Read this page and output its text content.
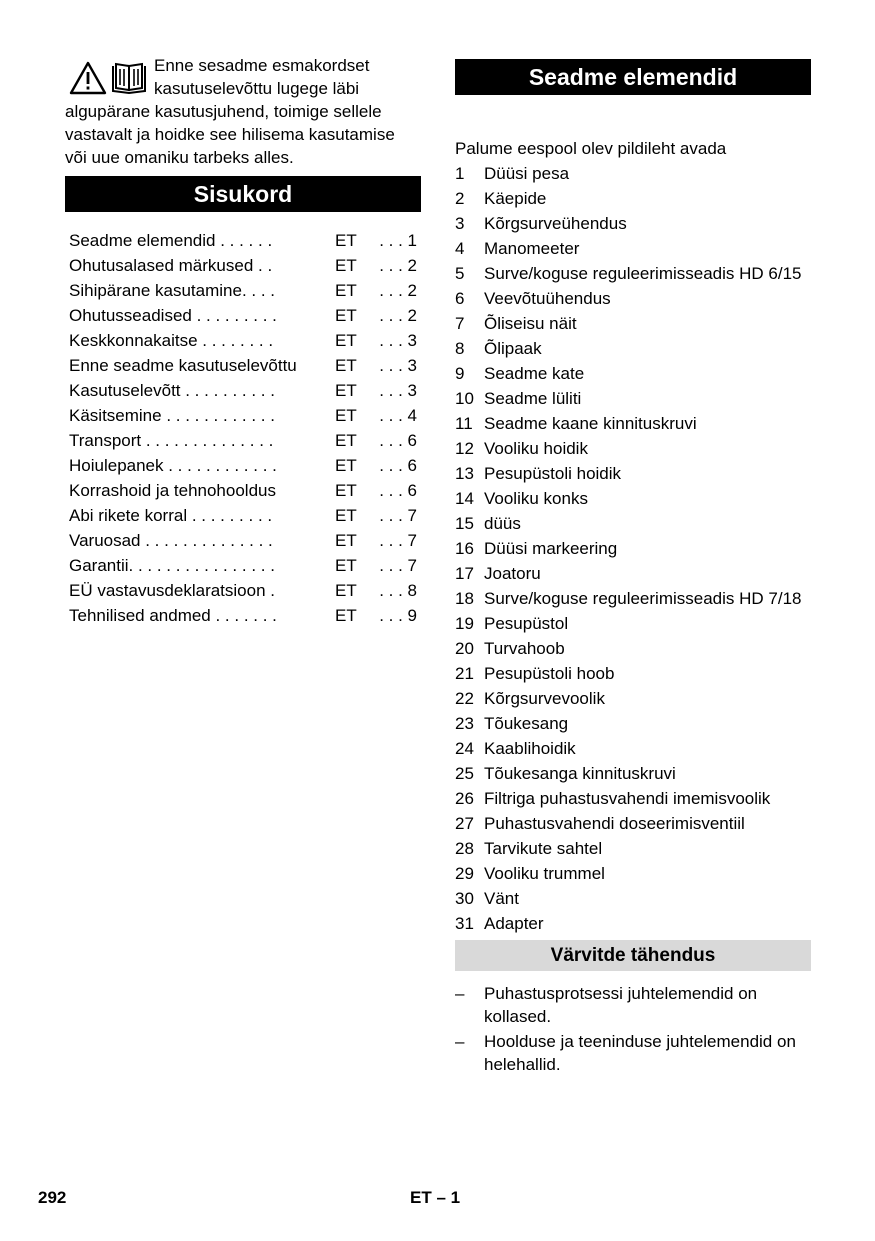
Enne sesadme esmakordset kasutuselevõttu lugege läbi algupärane kasutusjuhend, toimige sellele vastavalt ja hoidke see hilisema kasutamise või uue omaniku tarbeks alles.
Sisukord
Seadme elemendid . . . . . .	ET	. . . 1
Ohutusalased märkused . .	ET	. . . 2
Sihipärane kasutamine. . . .	ET	. . . 2
Ohutusseadised . . . . . . . . .	ET	. . . 2
Keskkonnakaitse . . . . . . . .	ET	. . . 3
Enne seadme kasutuselevõttu	ET	. . . 3
Kasutuselevõtt . . . . . . . . . .	ET	. . . 3
Käsitsemine . . . . . . . . . . . .	ET	. . . 4
Transport . . . . . . . . . . . . . .	ET	. . . 6
Hoiulepanek . . . . . . . . . . . .	ET	. . . 6
Korrashoid ja tehnohooldus	ET	. . . 6
Abi rikete korral . . . . . . . . .	ET	. . . 7
Varuosad . . . . . . . . . . . . . .	ET	. . . 7
Garantii. . . . . . . . . . . . . . . .	ET	. . . 7
EÜ vastavusdeklaratsioon .	ET	. . . 8
Tehnilised andmed . . . . . . .	ET	. . . 9
Seadme elemendid
Palume eespool olev pildileht avada
1	Düüsi pesa
2	Käepide
3	Kõrgsurveühendus
4	Manomeeter
5	Surve/koguse reguleerimisseadis HD 6/15
6	Veevõtuühendus
7	Õliseisu näit
8	Õlipaak
9	Seadme kate
10 Seadme lüliti
11 Seadme kaane kinnituskruvi
12 Vooliku hoidik
13 Pesupüstoli hoidik
14 Vooliku konks
15 düüs
16 Düüsi markeering
17 Joatoru
18 Surve/koguse reguleerimisseadis HD 7/18
19 Pesupüstol
20 Turvahoob
21 Pesupüstoli hoob
22 Kõrgsurvevoolik
23 Tõukesang
24 Kaablihoidik
25 Tõukesanga kinnituskruvi
26 Filtriga puhastusvahendi imemisvoolik
27 Puhastusvahendi doseerimisventiil
28 Tarvikute sahtel
29 Vooliku trummel
30 Vänt
31 Adapter
Värvitde tähendus
–	Puhastusprotsessi juhtelemendid on kollased.
–	Hoolduse ja teeninduse juhtelemendid on helehallid.
292	ET – 1
